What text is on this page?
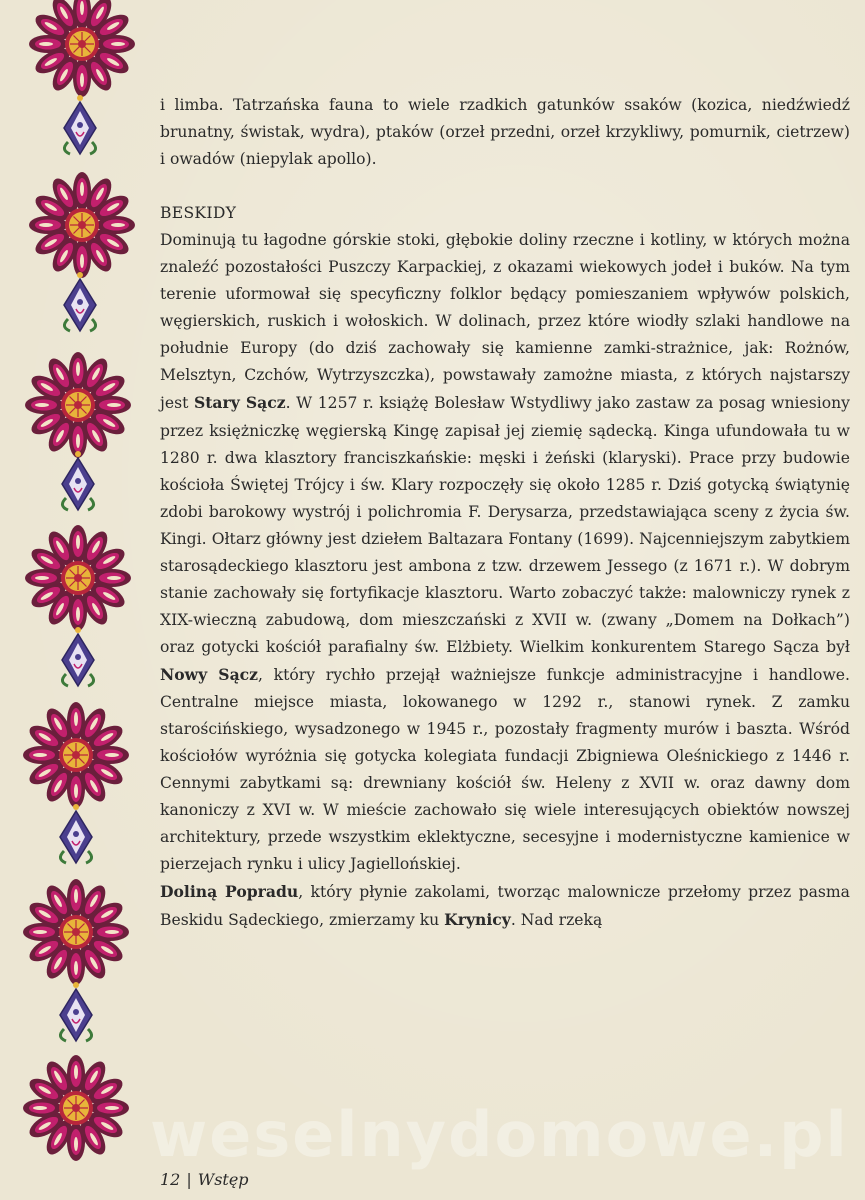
i limba. Tatrzańska fauna to wiele rzadkich gatunków ssaków (kozica, niedźwiedź brunatny, świstak, wydra), ptaków (orzeł przedni, orzeł krzykliwy, pomurnik, cietrzew) i owadów (niepylak apollo).

BESKIDY

Dominują tu łagodne górskie stoki, głębokie doliny rzeczne i kotliny, w których można znaleźć pozostałości Puszczy Karpackiej, z okazami wiekowych jodeł i buków. Na tym terenie uformował się specyficzny folklor będący pomieszaniem wpływów polskich, węgierskich, ruskich i wołoskich. W dolinach, przez które wiodły szlaki handlowe na południe Europy (do dziś zachowały się kamienne zamki-strażnice, jak: Rożnów, Melsztyn, Czchów, Wytrzyszczka), powstawały zamożne miasta, z których najstarszy jest Stary Sącz. W 1257 r. książę Bolesław Wstydliwy jako zastaw za posag wniesiony przez księżniczkę węgierską Kingę zapisał jej ziemię sądecką. Kinga ufundowała tu w 1280 r. dwa klasztory franciszkańskie: męski i żeński (klaryski). Prace przy budowie kościoła Świętej Trójcy i św. Klary rozpoczęły się około 1285 r. Dziś gotycką świątynię zdobi barokowy wystrój i polichromia F. Derysarza, przedstawiająca sceny z życia św. Kingi. Ołtarz główny jest dziełem Baltazara Fontany (1699). Najcenniejszym zabytkiem starosądeckiego klasztoru jest ambona z tzw. drzewem Jessego (z 1671 r.). W dobrym stanie zachowały się fortyfikacje klasztoru. Warto zobaczyć także: malowniczy rynek z XIX-wieczną zabudową, dom mieszczański z XVII w. (zwany „Domem na Dołkach”) oraz gotycki kościół parafialny św. Elżbiety. Wielkim konkurentem Starego Sącza był Nowy Sącz, który rychło przejął ważniejsze funkcje administracyjne i handlowe. Centralne miejsce miasta, lokowanego w 1292 r., stanowi rynek. Z zamku starościńskiego, wysadzonego w 1945 r., pozostały fragmenty murów i baszta. Wśród kościołów wyróżnia się gotycka kolegiata fundacji Zbigniewa Oleśnickiego z 1446 r. Cennymi zabytkami są: drewniany kościół św. Heleny z XVII w. oraz dawny dom kanoniczy z XVI w. W mieście zachowało się wiele interesujących obiektów nowszej architektury, przede wszystkim eklektyczne, secesyjne i modernistyczne kamienice w pierzejach rynku i ulicy Jagiellońskiej.

Doliną Popradu, który płynie zakolami, tworząc malownicze przełomy przez pasma Beskidu Sądeckiego, zmierzamy ku Krynicy. Nad rzeką

weselnydomowe.pl
12 | Wstęp
